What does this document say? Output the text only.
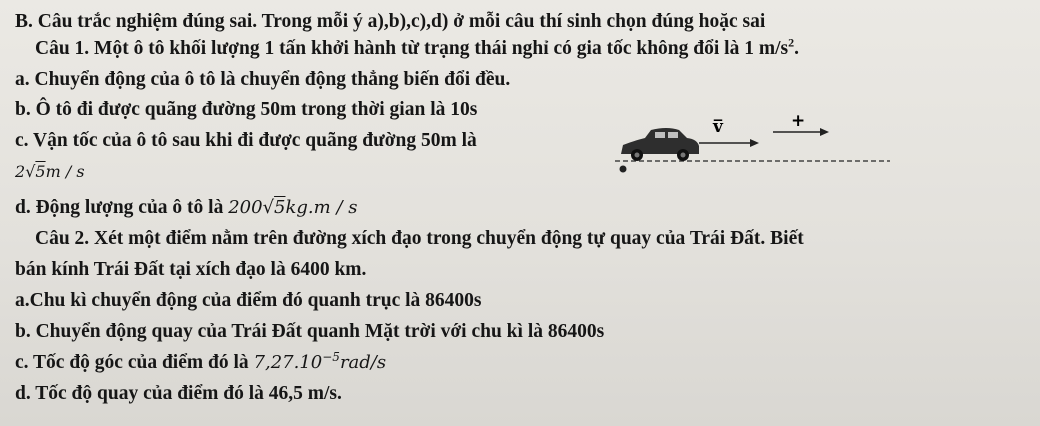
B. Câu trắc nghiệm đúng sai. Trong mỗi ý a),b),c),d) ở mỗi câu thí sinh chọn đúng hoặc sai
Câu 1. Một ô tô khối lượng 1 tấn khởi hành từ trạng thái nghỉ có gia tốc không đổi là 1 $m/s^2$.
a. Chuyển động của ô tô là chuyển động thẳng biến đổi đều.
b. Ô tô đi được quãng đường 50m trong thời gian là 10s
c. Vận tốc của ô tô sau khi đi được quãng đường 50m là
2√5m / s
d. Động lượng của ô tô là 200√5kg.m / s
v̅	+
Câu 2. Xét một điểm nằm trên đường xích đạo trong chuyển động tự quay của Trái Đất. Biết
bán kính Trái Đất tại xích đạo là 6400 km.
a.Chu kì chuyển động của điểm đó quanh trục là 86400s
b. Chuyển động quay của Trái Đất quanh Mặt trời với chu kì là 86400s
c. Tốc độ góc của điểm đó là $7,27.10^{-5}rad/s$
d. Tốc độ quay của điểm đó là 46,5 m/s.
